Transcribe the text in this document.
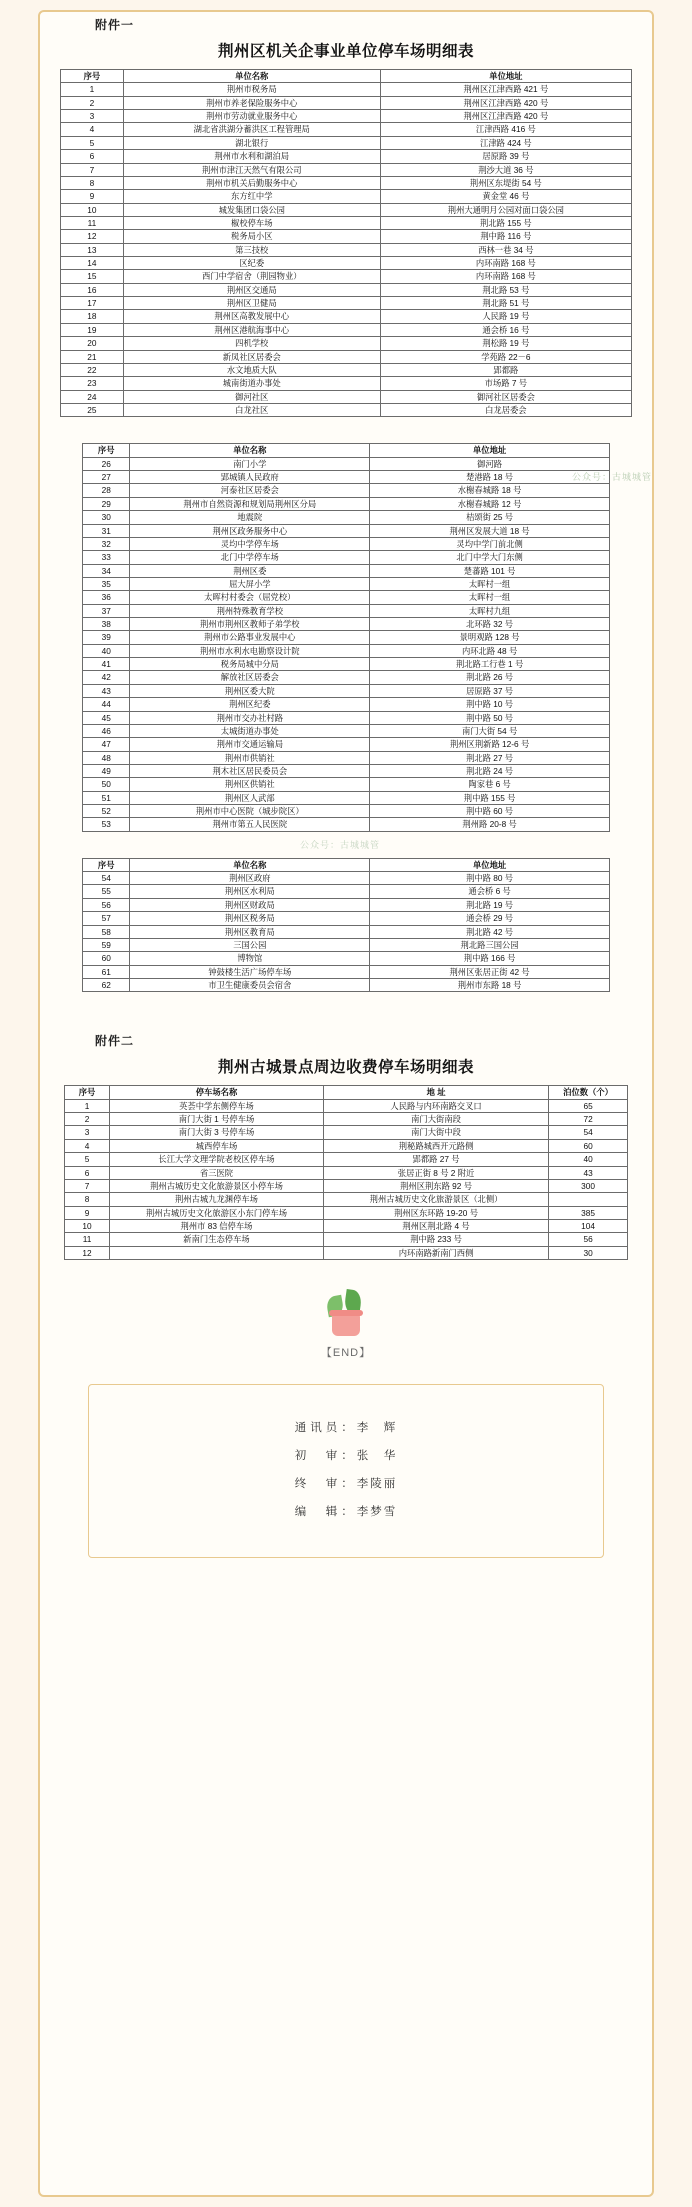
公众号：古城城管
公众号：古城城管
附件一
荆州区机关企事业单位停车场明细表
序号	单位名称	单位地址
1	荆州市税务局	荆州区江津西路 421 号
2	荆州市养老保险服务中心	荆州区江津西路 420 号
3	荆州市劳动就业服务中心	荆州区江津西路 420 号
4	湖北省洪湖分蓄洪区工程管理局	江津西路 416 号
5	湖北银行	江津路 424 号
6	荆州市水利和湖泊局	居原路 39 号
7	荆州市津江天然气有限公司	荆沙大道 36 号
8	荆州市机关后勤服务中心	荆州区东堤街 54 号
9	东方红中学	黄金堂 46 号
10	城发集团口袋公园	荆州大通明月公园对面口袋公园
11	椒校停车场	荆北路 155 号
12	税务局小区	荆中路 116 号
13	第三技校	西林一巷 34 号
14	区纪委	内环南路 168 号
15	西门中学宿舍（荆园物业）	内环南路 168 号
16	荆州区交通局	荆北路 53 号
17	荆州区卫健局	荆北路 51 号
18	荆州区高教发展中心	人民路 19 号
19	荆州区港航海事中心	通会桥 16 号
20	四机学校	荆松路 19 号
21	新凤社区居委会	学苑路 22－6
22	水文地质大队	郢都路
23	城南街道办事处	市场路 7 号
24	御河社区	御河社区居委会
25	白龙社区	白龙居委会
序号	单位名称	单位地址
26	南门小学	御河路
27	郢城镇人民政府	楚港路 18 号
28	河泰社区居委会	水榭春城路 18 号
29	荆州市自然资源和规划局荆州区分局	水榭春城路 12 号
30	地震院	桔颂街 25 号
31	荆州区政务服务中心	荆州区发展大道 18 号
32	灵均中学停车场	灵均中学门前北侧
33	北门中学停车场	北门中学大门东侧
34	荆州区委	楚蕃路 101 号
35	屈大屏小学	太晖村一组
36	太晖村村委会（屈党校）	太晖村一组
37	荆州特殊教育学校	太晖村九组
38	荆州市荆州区教师子弟学校	北环路 32 号
39	荆州市公路事业发展中心	景明观路 128 号
40	荆州市水利水电勘察设计院	内环北路 48 号
41	税务局城中分局	荆北路工行巷 1 号
42	解放社区居委会	荆北路 26 号
43	荆州区委大院	居原路 37 号
44	荆州区纪委	荆中路 10 号
45	荆州市交办社村路	荆中路 50 号
46	太城街道办事处	南门大街 54 号
47	荆州市交通运输局	荆州区荆新路 12-6 号
48	荆州市供销社	荆北路 27 号
49	荆木社区居民委员会	荆北路 24 号
50	荆州区供销社	陶家巷 6 号
51	荆州区人武部	荆中路 155 号
52	荆州市中心医院（城步院区）	荆中路 60 号
53	荆州市第五人民医院	荆州路 20-8 号
序号	单位名称	单位地址
54	荆州区政府	荆中路 80 号
55	荆州区水利局	通会桥 6 号
56	荆州区财政局	荆北路 19 号
57	荆州区税务局	通会桥 29 号
58	荆州区教育局	荆北路 42 号
59	三国公园	荆北路三国公园
60	博物馆	荆中路 166 号
61	钟鼓楼生活广场停车场	荆州区张居正街 42 号
62	市卫生健康委员会宿舍	荆州市东路 18 号
附件二
荆州古城景点周边收费停车场明细表
序号	停车场名称	地 址	泊位数（个）
1	英荟中学东侧停车场	人民路与内环南路交叉口	65
2	南门大街 1 号停车场	南门大街南段	72
3	南门大街 3 号停车场	南门大街中段	54
4	城西停车场	荆秘路城西开元路侧	60
5	长江大学文理学院老校区停车场	郢都路 27 号	40
6	省三医院	张居正街 8 号 2 附近	43
7	荆州古城历史文化旅游景区小停车场	荆州区荆东路 92 号	300
8	荆州古城九龙渊停车场	荆州古城历史文化旅游景区（北侧）	
9	荆州古城历史文化旅游区小东门停车场	荆州区东环路 19-20 号	385
10	荆州市 83 信停车场	荆州区荆北路 4 号	104
11	新南门生态停车场	荆中路 233 号	56
12		内环南路新南门西侧	30
【END】
通讯员：李　辉
初　审：张　华
终　审：李陵丽
编　辑：李梦雪
